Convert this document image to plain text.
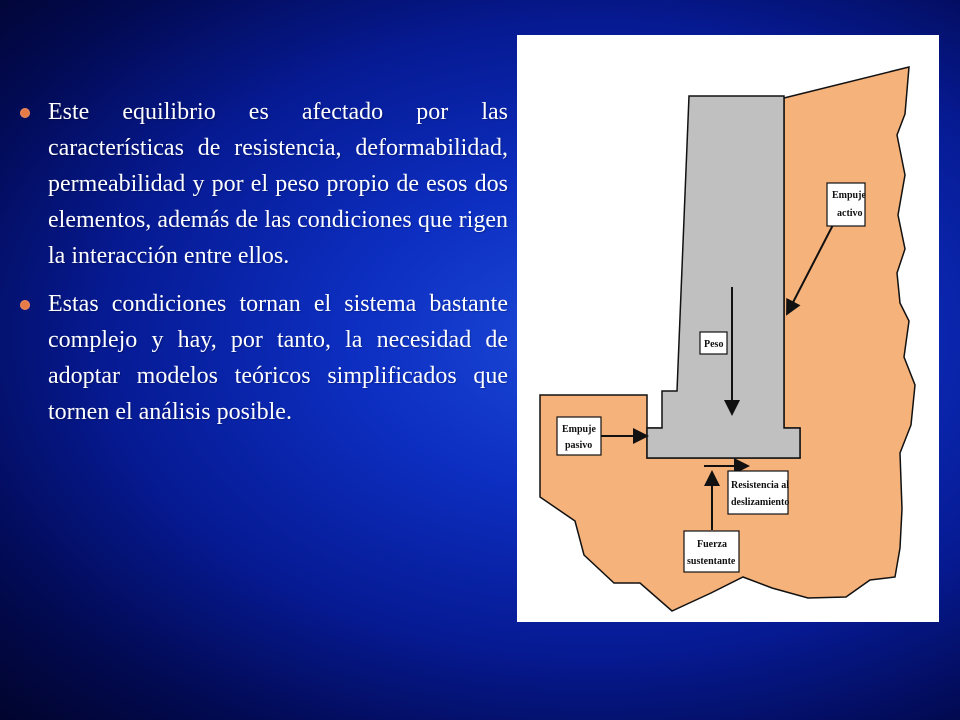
Este equilibrio es afectado por las características de resistencia, deformabilidad, permeabilidad y por el peso propio de esos dos elementos, además de las condiciones que rigen la interacción entre ellos.
Estas condiciones tornan el sistema bastante complejo y hay, por tanto, la necesidad de adoptar modelos teóricos simplificados que tornen el análisis posible.
Empuje
activo
Peso
Empuje
pasivo
Resistencia al
deslizamiento
Fuerza
sustentante
